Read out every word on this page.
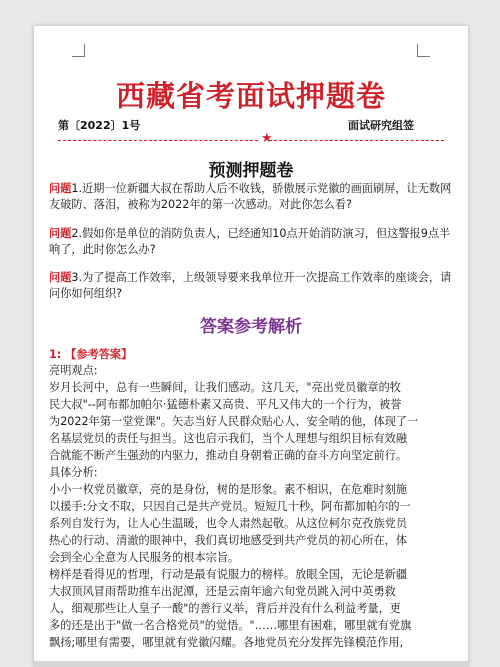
西藏省考面试押题卷
第〔2022〕1号	面试研究组签
★
预测押题卷

问题1.近期一位新疆大叔在帮助人后不收钱，骄傲展示党徽的画面刷屏，让无数网友破防、落泪，被称为2022年的第一次感动。对此你怎么看?

问题2.假如你是单位的消防负责人，已经通知10点开始消防演习，但这警报9点半响了，此时你怎么办?

问题3.为了提高工作效率，上级领导要来我单位开一次提高工作效率的座谈会，请问你如何组织?

答案参考解析
1: 【参考答案】
亮明观点:
岁月长河中，总有一些瞬间，让我们感动。这几天，"亮出党员徽章的牧
民大叔"--阿布都加帕尔·猛德朴素又高贵、平凡又伟大的一个行为，被誉
为2022年第一堂党课"。矢志当好人民群众贴心人、安全哨的他，体现了一
名基层党员的责任与担当。这也启示我们，当个人理想与组织目标有效融
合就能不断产生强劲的内驱力，推动自身朝着正确的奋斗方向坚定前行。
具体分析:
小小一枚党员徽章，亮的是身份，树的是形象。素不相识，在危难时刻施
以援手:分文不取，只因自己是共产党员。短短几十秒，阿布都加帕尔的一
系列自发行为，让人心生温暖，也令人肃然起敬。从这位柯尔克孜族党员
热心的行动、清澈的眼神中，我们真切地感受到共产党员的初心所在，体
会到全心全意为人民服务的根本宗旨。
榜样是看得见的哲理，行动是最有说服力的榜样。放眼全国，无论是新疆
大叔顶风冒雨帮助推车出泥潭，还是云南年逾六旬党员跳入河中英勇救
人，细观那些让人皇子一酸"的善行义举，背后并没有什么利益考量，更
多的还是出于"做一名合格党员"的觉悟。"……哪里有困难，哪里就有党旗
飘扬;哪里有需要，哪里就有党徽闪耀。各地党员充分发挥先锋模范作用,
